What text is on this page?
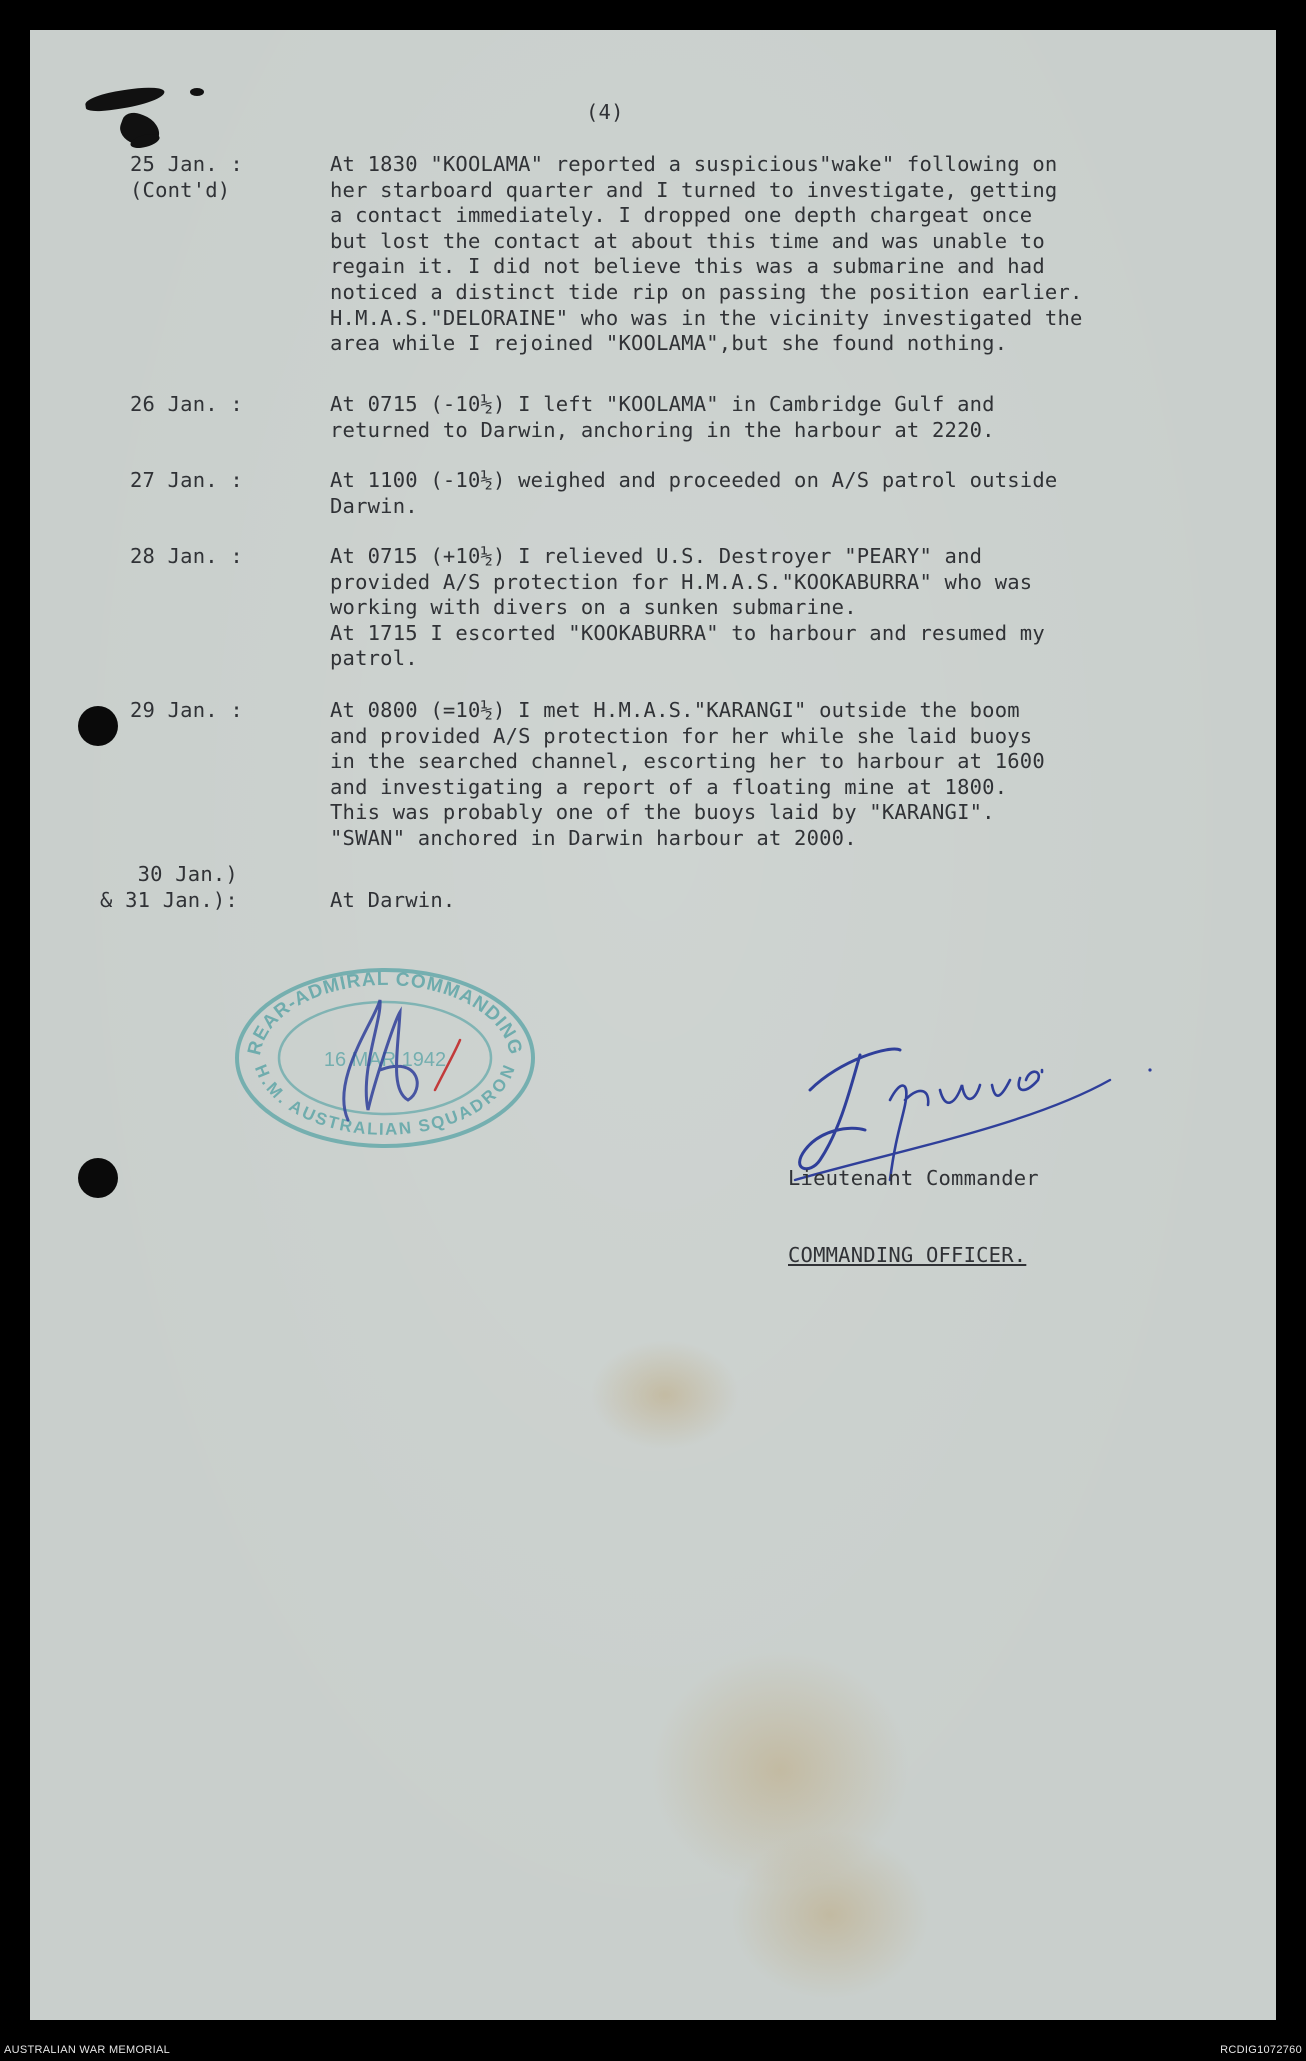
(4)

25 Jan. :
(Cont'd)

At 1830 "KOOLAMA" reported a suspicious"wake" following on
her starboard quarter and I turned to investigate, getting
a contact immediately. I dropped one depth chargeat once
but lost the contact at about this time and was unable to
regain it. I did not believe this was a submarine and had
noticed a distinct tide rip on passing the position earlier.
H.M.A.S."DELORAINE" who was in the vicinity investigated the
area while I rejoined "KOOLAMA",but she found nothing.

26 Jan. :

	At 0715 (-10½) I left "KOOLAMA" in Cambridge Gulf and
returned to Darwin, anchoring in the harbour at 2220.

27 Jan. :

	At 1100 (-10½) weighed and proceeded on A/S patrol outside
Darwin.

28 Jan. :

	At 0715 (+10½) I relieved U.S. Destroyer "PEARY" and
provided A/S protection for H.M.A.S."KOOKABURRA" who was
working with divers on a sunken submarine.
At 1715 I escorted "KOOKABURRA" to harbour and resumed my
patrol.

29 Jan. :

	At 0800 (=10½) I met H.M.A.S."KARANGI" outside the boom
and provided A/S protection for her while she laid buoys
in the searched channel, escorting her to harbour at 1600
and investigating a report of a floating mine at 1800.
This was probably one of the buoys laid by "KARANGI".
"SWAN" anchored in Darwin harbour at 2000.

30 Jan.)
& 31 Jan.):

	At Darwin.

REAR-ADMIRAL COMMANDING
H.M. AUSTRALIAN SQUADRON
16 MAR 1942

Lieutenant Commander

COMMANDING OFFICER.

AUSTRALIAN WAR MEMORIAL	RCDIG1072760
